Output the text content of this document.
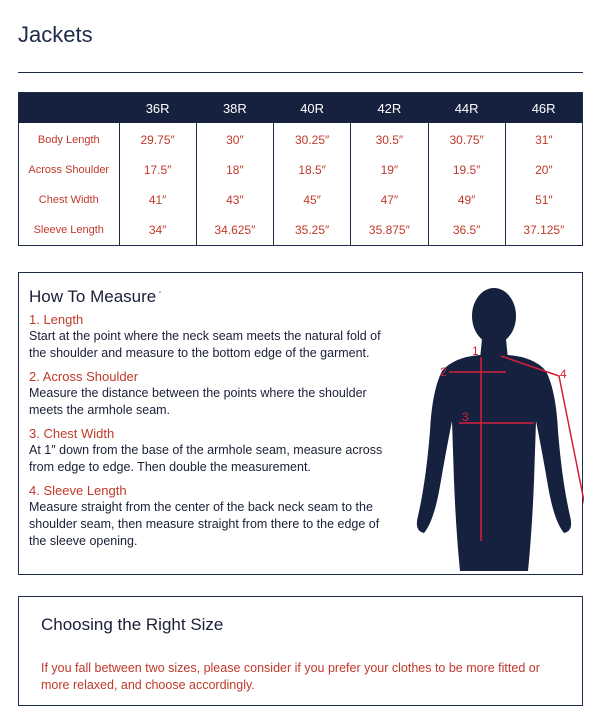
Jackets
	36R	38R	40R	42R	44R	46R
Body Length	29.75″	30″	30.25″	30.5″	30.75″	31″
Across Shoulder	17.5″	18″	18.5″	19″	19.5″	20″
Chest Width	41″	43″	45″	47″	49″	51″
Sleeve Length	34″	34.625″	35.25″	35.875″	36.5″	37.125″
How To Measure -
1. Length
Start at the point where the neck seam meets the natural fold of the shoulder and measure to the bottom edge of the garment.
2. Across Shoulder
Measure the distance between the points where the shoulder meets the armhole seam.
3. Chest Width
At 1″ down from the base of the armhole seam, measure across from edge to edge. Then double the measurement.
4. Sleeve Length
Measure straight from the center of the back neck seam to the shoulder seam, then measure straight from there to the edge of the sleeve opening.
1
2
3
4
Choosing the Right Size

If you fall between two sizes, please consider if you prefer your clothes to be more fitted or more relaxed, and choose accordingly.
